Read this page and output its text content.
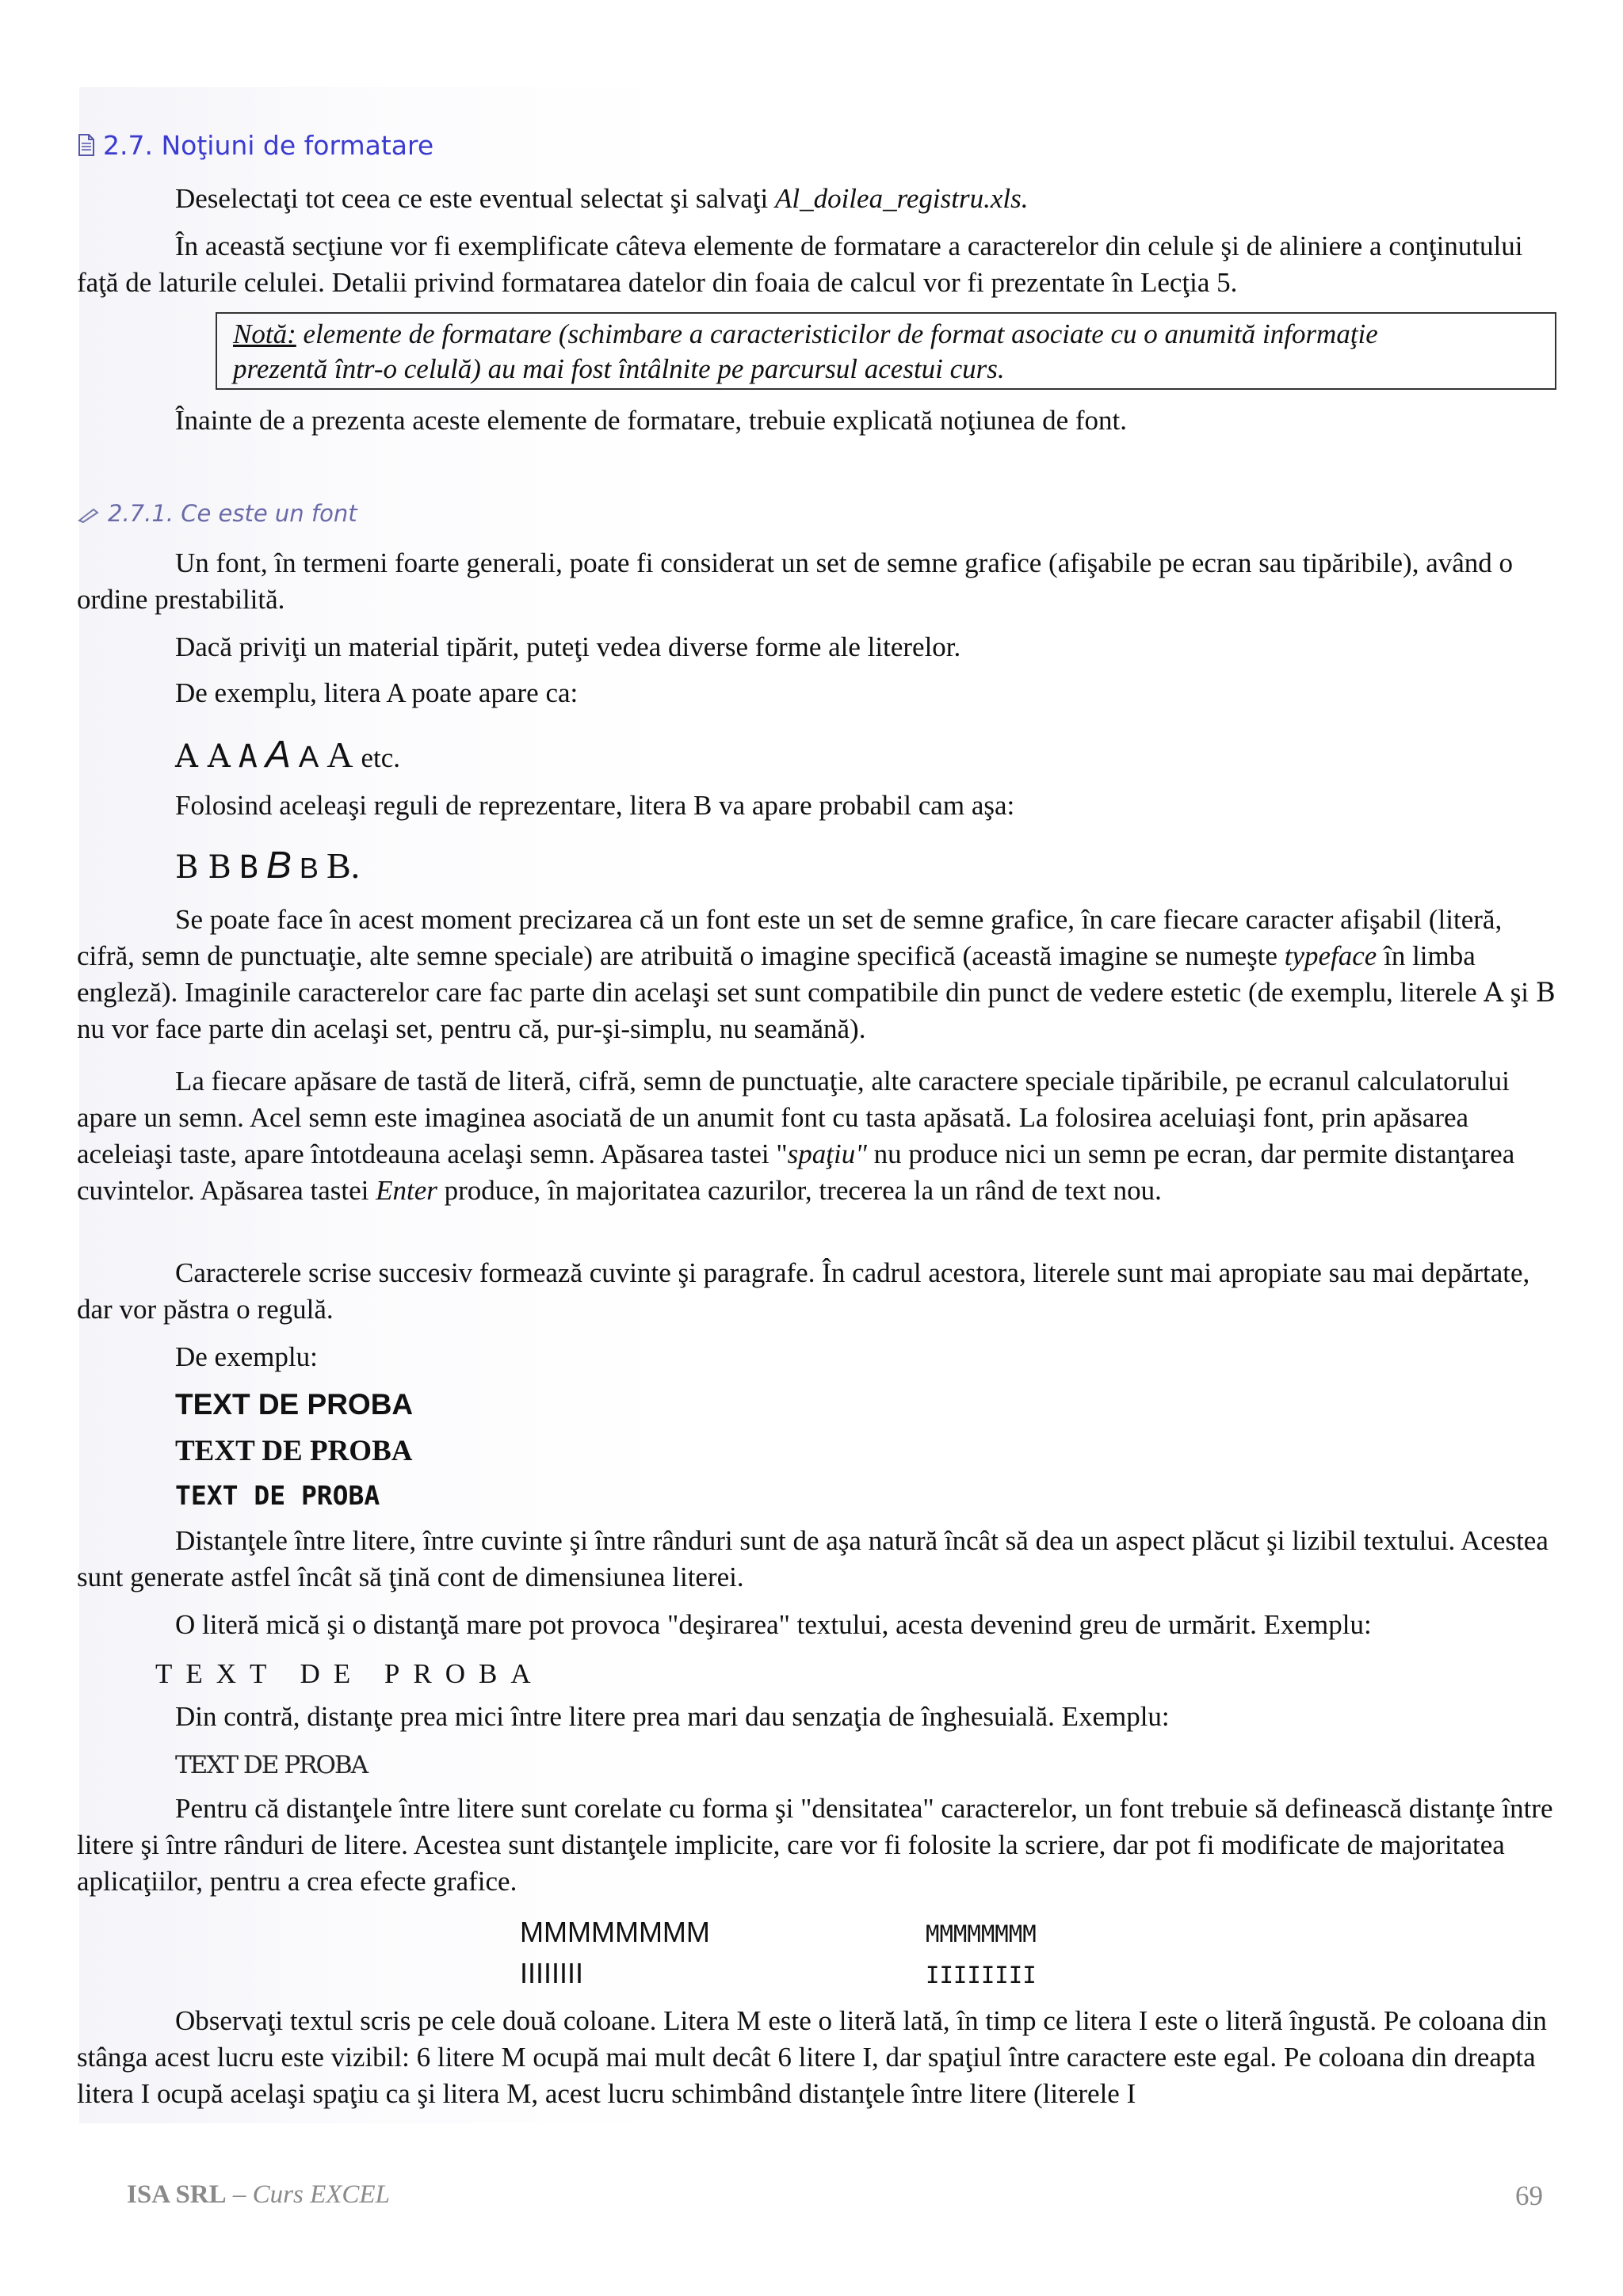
2.7. Noţiuni de formatare

Deselectaţi tot ceea ce este eventual selectat şi salvaţi Al_doilea_registru.xls.

În această secţiune vor fi exemplificate câteva elemente de formatare a caracterelor din celule şi de aliniere a conţinutului faţă de laturile celulei. Detalii privind formatarea datelor din foaia de calcul vor fi prezentate în Lecţia 5.

Notă: elemente de formatare (schimbare a caracteristicilor de format asociate cu o anumită informaţie
prezentă într-o celulă) au mai fost întâlnite pe parcursul acestui curs.

Înainte de a prezenta aceste elemente de formatare, trebuie explicată noţiunea de font.

2.7.1. Ce este un font

Un font, în termeni foarte generali, poate fi considerat un set de semne grafice (afişabile pe ecran sau tipăribile), având o ordine prestabilită.

Dacă priviţi un material tipărit, puteţi vedea diverse forme ale literelor.

De exemplu, litera A poate apare ca:

A A A A A A etc.

Folosind aceleaşi reguli de reprezentare, litera B va apare probabil cam aşa:

B B B B B B.

Se poate face în acest moment precizarea că un font este un set de semne grafice, în care fiecare caracter afişabil (literă, cifră, semn de punctuaţie, alte semne speciale) are atribuită o imagine specifică (această imagine se numeşte typeface în limba engleză). Imaginile caracterelor care fac parte din acelaşi set sunt compatibile din punct de vedere estetic (de exemplu, literele A şi B nu vor face parte din acelaşi set, pentru că, pur-şi-simplu, nu seamănă).

La fiecare apăsare de tastă de literă, cifră, semn de punctuaţie, alte caractere speciale tipăribile, pe ecranul calculatorului apare un semn. Acel semn este imaginea asociată de un anumit font cu tasta apăsată. La folosirea aceluiaşi font, prin apăsarea aceleiaşi taste, apare întotdeauna acelaşi semn. Apăsarea tastei "spaţiu" nu produce nici un semn pe ecran, dar permite distanţarea cuvintelor. Apăsarea tastei Enter produce, în majoritatea cazurilor, trecerea la un rând de text nou.

Caracterele scrise succesiv formează cuvinte şi paragrafe. În cadrul acestora, literele sunt mai apropiate sau mai depărtate, dar vor păstra o regulă.

De exemplu:

TEXT DE PROBA
TEXT DE PROBA
TEXT DE PROBA

Distanţele între litere, între cuvinte şi între rânduri sunt de aşa natură încât să dea un aspect plăcut şi lizibil textului. Acestea sunt generate astfel încât să ţină cont de dimensiunea literei.

O literă mică şi o distanţă mare pot provoca "deşirarea" textului, acesta devenind greu de urmărit. Exemplu:

TEXT DE PROBA

Din contră, distanţe prea mici între litere prea mari dau senzaţia de înghesuială. Exemplu:

TEXT DE PROBA

Pentru că distanţele între litere sunt corelate cu forma şi "densitatea" caracterelor, un font trebuie să definească distanţe între litere şi între rânduri de litere. Acestea sunt distanţele implicite, care vor fi folosite la scriere, dar pot fi modificate de majoritatea aplicaţiilor, pentru a crea efecte grafice.

MMMMMMMM
IIIIIIII
MMMMMMMM
IIIIIIII

Observaţi textul scris pe cele două coloane. Litera M este o literă lată, în timp ce litera I este o literă îngustă. Pe coloana din stânga acest lucru este vizibil: 6 litere M ocupă mai mult decât 6 litere I, dar spaţiul între caractere este egal. Pe coloana din dreapta litera I ocupă acelaşi spaţiu ca şi litera M, acest lucru schimbând distanţele între litere (literele I

ISA SRL – Curs EXCEL	69
